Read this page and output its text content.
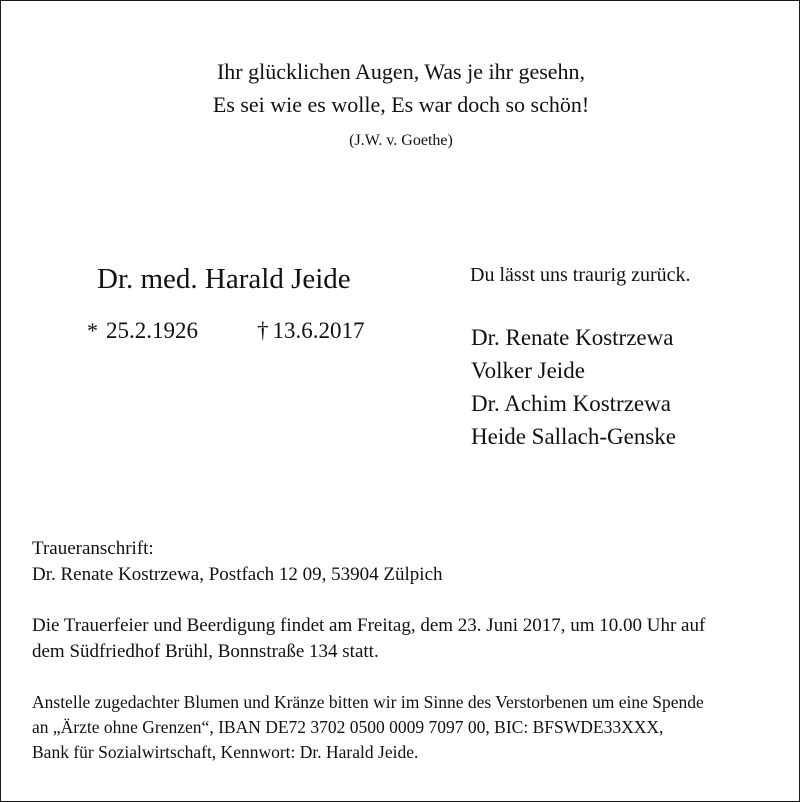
Ihr glücklichen Augen, Was je ihr gesehn,
Es sei wie es wolle, Es war doch so schön!
(J.W. v. Goethe)
Dr. med. Harald Jeide
* 25.2.1926	† 13.6.2017
Du lässt uns traurig zurück.
Dr. Renate Kostrzewa
Volker Jeide
Dr. Achim Kostrzewa
Heide Sallach-Genske
Traueranschrift:
Dr. Renate Kostrzewa, Postfach 12 09, 53904 Zülpich
Die Trauerfeier und Beerdigung findet am Freitag, dem 23. Juni 2017, um 10.00 Uhr auf
dem Südfriedhof Brühl, Bonnstraße 134 statt.
Anstelle zugedachter Blumen und Kränze bitten wir im Sinne des Verstorbenen um eine Spende
an „Ärzte ohne Grenzen“, IBAN DE72 3702 0500 0009 7097 00, BIC: BFSWDE33XXX,
Bank für Sozialwirtschaft, Kennwort: Dr. Harald Jeide.
